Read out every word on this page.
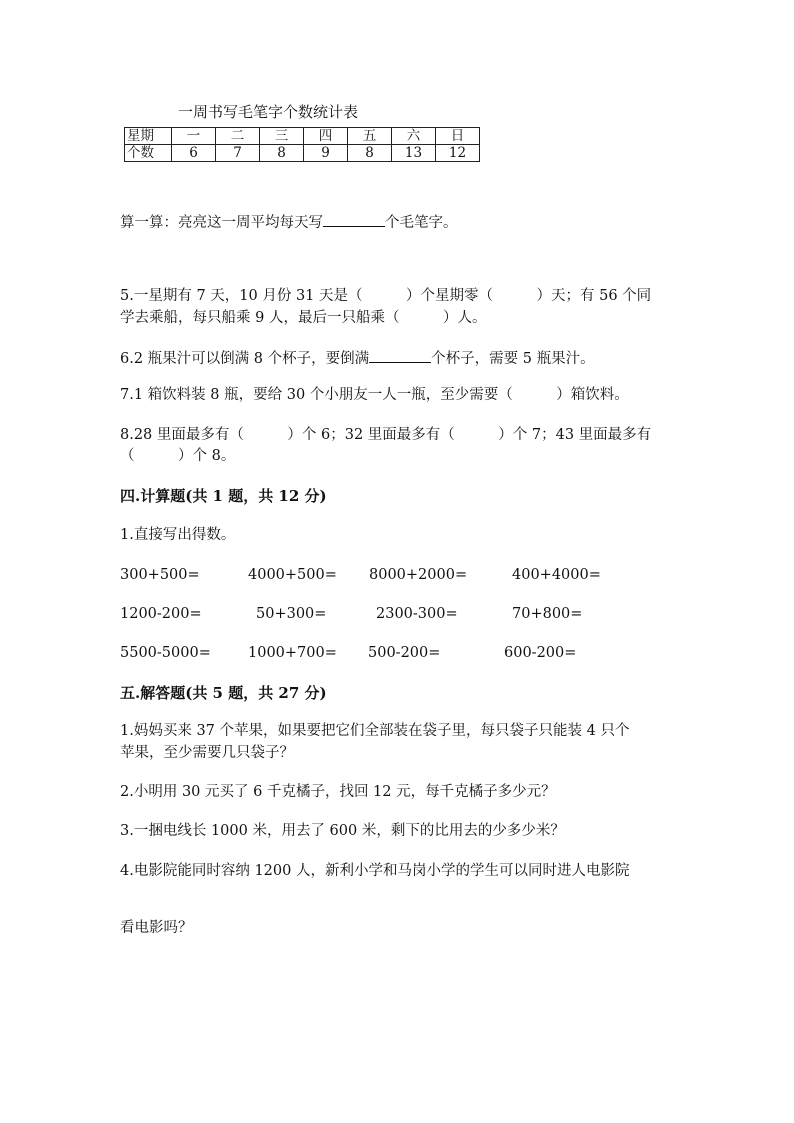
一周书写毛笔字个数统计表
星期	一	二	三	四	五	六	日
个数	6	7	8	9	8	13	12
算一算：亮亮这一周平均每天写	个毛笔字。
5.一星期有 7 天，10 月份 31 天是（　　　）个星期零（　　　）天；有 56 个同
学去乘船，每只船乘 9 人，最后一只船乘（　　　）人。
6.2 瓶果汁可以倒满 8 个杯子，要倒满	个杯子，需要 5 瓶果汁。
7.1 箱饮料装 8 瓶，要给 30 个小朋友一人一瓶，至少需要（　　　）箱饮料。
8.28 里面最多有（　　　）个 6；32 里面最多有（　　　）个 7；43 里面最多有
（　　　）个 8。
四.计算题(共 1 题，共 12 分)
1.直接写出得数。
300+500=	4000+500= 8000+2000=	400+4000=
1200-200=	50+300=	2300-300=	70+800=
5500-5000=	1000+700= 500-200=	600-200=
五.解答题(共 5 题，共 27 分)
1.妈妈买来 37 个苹果，如果要把它们全部装在袋子里，每只袋子只能装 4 只个
苹果，至少需要几只袋子？
2.小明用 30 元买了 6 千克橘子，找回 12 元，每千克橘子多少元？
3.一捆电线长 1000 米，用去了 600 米，剩下的比用去的少多少米？
4.电影院能同时容纳 1200 人，新利小学和马岗小学的学生可以同时进人电影院
看电影吗？
